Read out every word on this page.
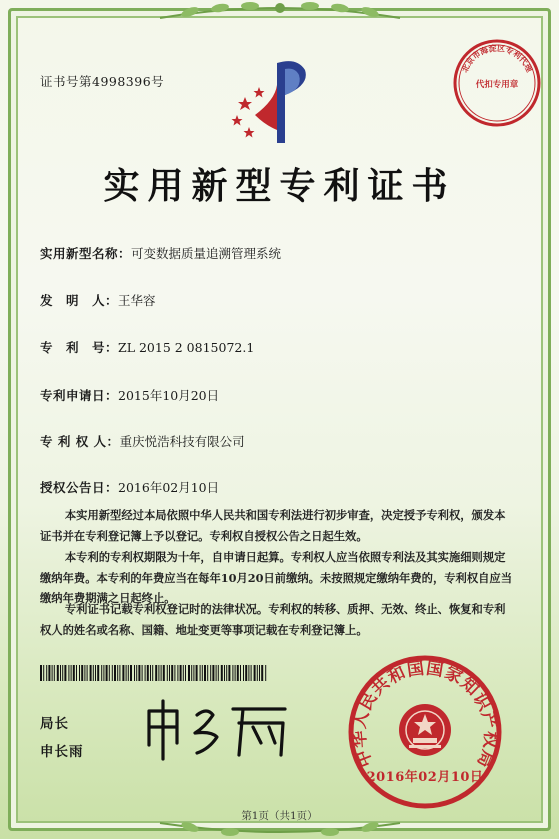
证书号第4998396号
北京市海淀区专利代理
代扣专用章
实用新型专利证书
实用新型名称：可变数据质量追溯管理系统
发　明　人：王华容
专　利　号：ZL 2015 2 0815072.1
专利申请日：2015年10月20日
专 利 权 人：重庆悦浩科技有限公司
授权公告日：2016年02月10日
本实用新型经过本局依照中华人民共和国专利法进行初步审查，决定授予专利权，颁发本证书并在专利登记簿上予以登记。专利权自授权公告之日起生效。
本专利的专利权期限为十年，自申请日起算。专利权人应当依照专利法及其实施细则规定缴纳年费。本专利的年费应当在每年10月20日前缴纳。未按照规定缴纳年费的，专利权自应当缴纳年费期满之日起终止。
专利证书记载专利权登记时的法律状况。专利权的转移、质押、无效、终止、恢复和专利权人的姓名或名称、国籍、地址变更等事项记载在专利登记簿上。
局长
申长雨	中华人民共和国国家知识产权局
2016年02月10日
第1页（共1页）
